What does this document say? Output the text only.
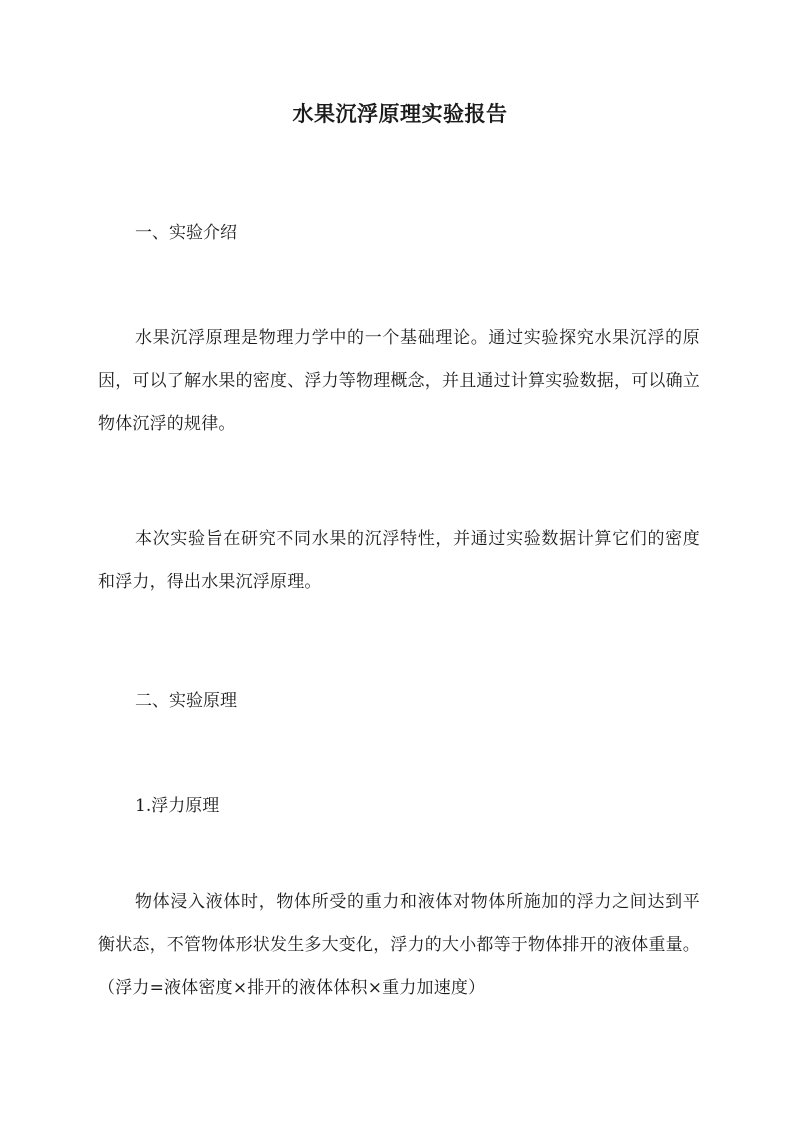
水果沉浮原理实验报告
一、实验介绍

水果沉浮原理是物理力学中的一个基础理论。通过实验探究水果沉浮的原因，可以了解水果的密度、浮力等物理概念，并且通过计算实验数据，可以确立物体沉浮的规律。

本次实验旨在研究不同水果的沉浮特性，并通过实验数据计算它们的密度和浮力，得出水果沉浮原理。

二、实验原理
1.浮力原理

物体浸入液体时，物体所受的重力和液体对物体所施加的浮力之间达到平衡状态，不管物体形状发生多大变化，浮力的大小都等于物体排开的液体重量。（浮力=液体密度×排开的液体体积×重力加速度）
